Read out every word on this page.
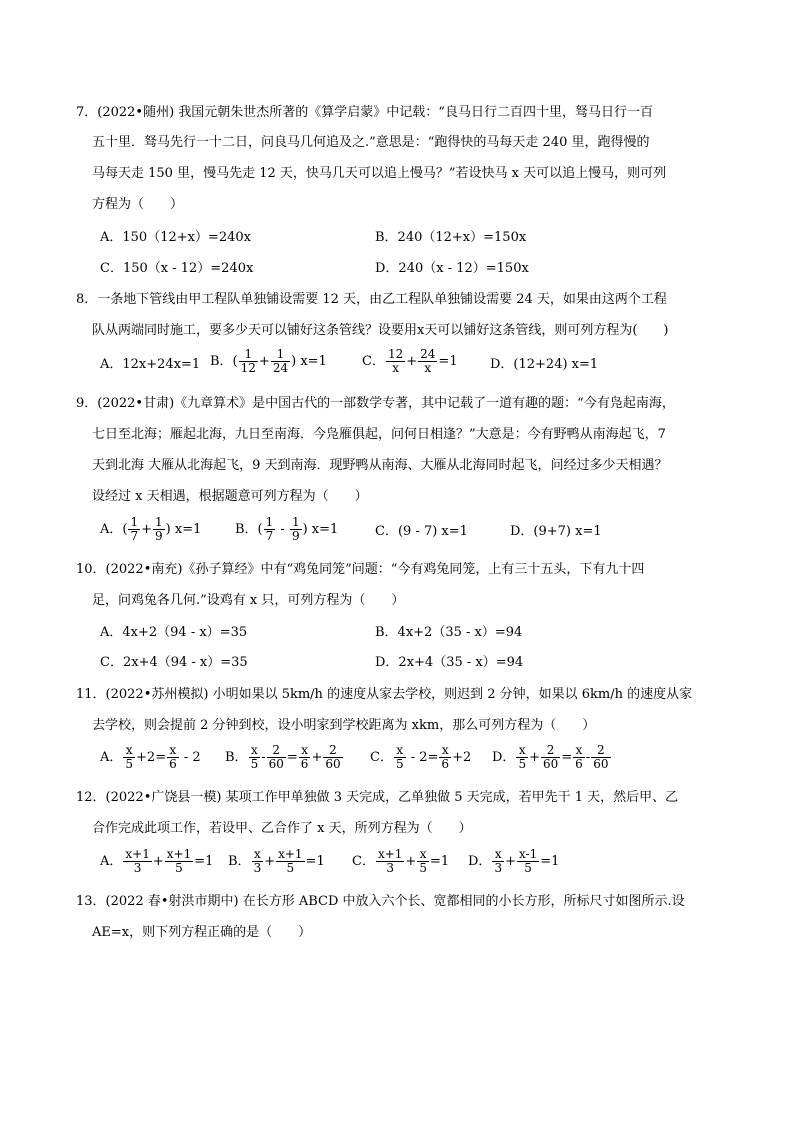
7．(2022•随州) 我国元朝朱世杰所著的《算学启蒙》中记载：“良马日行二百四十里，驽马日行一百
五十里．驽马先行一十二日，问良马几何追及之.”意思是：“跑得快的马每天走 240 里，跑得慢的
马每天走 150 里，慢马先走 12 天，快马几天可以追上慢马？”若设快马 x 天可以追上慢马，则可列
方程为（　　）
A．150（12+x）=240x	B．240（12+x）=150x
C．150（x - 12）=240x	D．240（x - 12）=150x
8．一条地下管线由甲工程队单独铺设需要 12 天，由乙工程队单独铺设需要 24 天，如果由这两个工程
队从两端同时施工，要多少天可以铺好这条管线？设要用x天可以铺好这条管线，则可列方程为(　　)
A．12x+24x=1 B．( $\frac{1}{12} + \frac{1}{24}$ ) x=1	C． $\frac{12}{x} + \frac{24}{x} =1$ D．(12+24) x=1
9．(2022•甘肃)《九章算术》是中国古代的一部数学专著，其中记载了一道有趣的题：“今有凫起南海，
七日至北海；雁起北海，九日至南海．今凫雁俱起，问何日相逢？”大意是：今有野鸭从南海起飞，7
天到北海 大雁从北海起飞，9 天到南海．现野鸭从南海、大雁从北海同时起飞，问经过多少天相遇？
设经过 x 天相遇，根据题意可列方程为（　　）
A．( $\frac{1}{7} + \frac{1}{9}$ ) x=1	B．( $\frac{1}{7} - \frac{1}{9}$ ) x=1	C．(9 - 7) x=1	D．(9+7) x=1
10．(2022•南充)《孙子算经》中有“鸡兔同笼”问题：“今有鸡兔同笼，上有三十五头，下有九十四
足，问鸡兔各几何.”设鸡有 x 只，可列方程为（　　）
A．4x+2（94 - x）=35	B．4x+2（35 - x）=94
C．2x+4（94 - x）=35	D．2x+4（35 - x）=94
11．(2022•苏州模拟) 小明如果以 5km/h 的速度从家去学校，则迟到 2 分钟，如果以 6km/h 的速度从家
去学校，则会提前 2 分钟到校，设小明家到学校距离为 xkm，那么可列方程为（　　）
A． $\frac{x}{5} +2= \frac{x}{6} - 2$ B． $\frac{x}{5} - \frac{2}{60} = \frac{x}{6} + \frac{2}{60}$ C． $\frac{x}{5} - 2= \frac{x}{6} +2$ D． $\frac{x}{5} + \frac{2}{60} = \frac{x}{6} - \frac{2}{60}$
12．(2022•广饶县一模) 某项工作甲单独做 3 天完成，乙单独做 5 天完成，若甲先干 1 天，然后甲、乙
合作完成此项工作，若设甲、乙合作了 x 天，所列方程为（　　）
A． $\frac{x+1}{3} + \frac{x+1}{5} =1$ B． $\frac{x}{3} + \frac{x+1}{5} =1$ C． $\frac{x+1}{3} + \frac{x}{5} =1$ D． $\frac{x}{3} + \frac{x-1}{5} =1$
13．(2022 春•射洪市期中) 在长方形 ABCD 中放入六个长、宽都相同的小长方形，所标尺寸如图所示.设
AE=x，则下列方程正确的是（　　）
